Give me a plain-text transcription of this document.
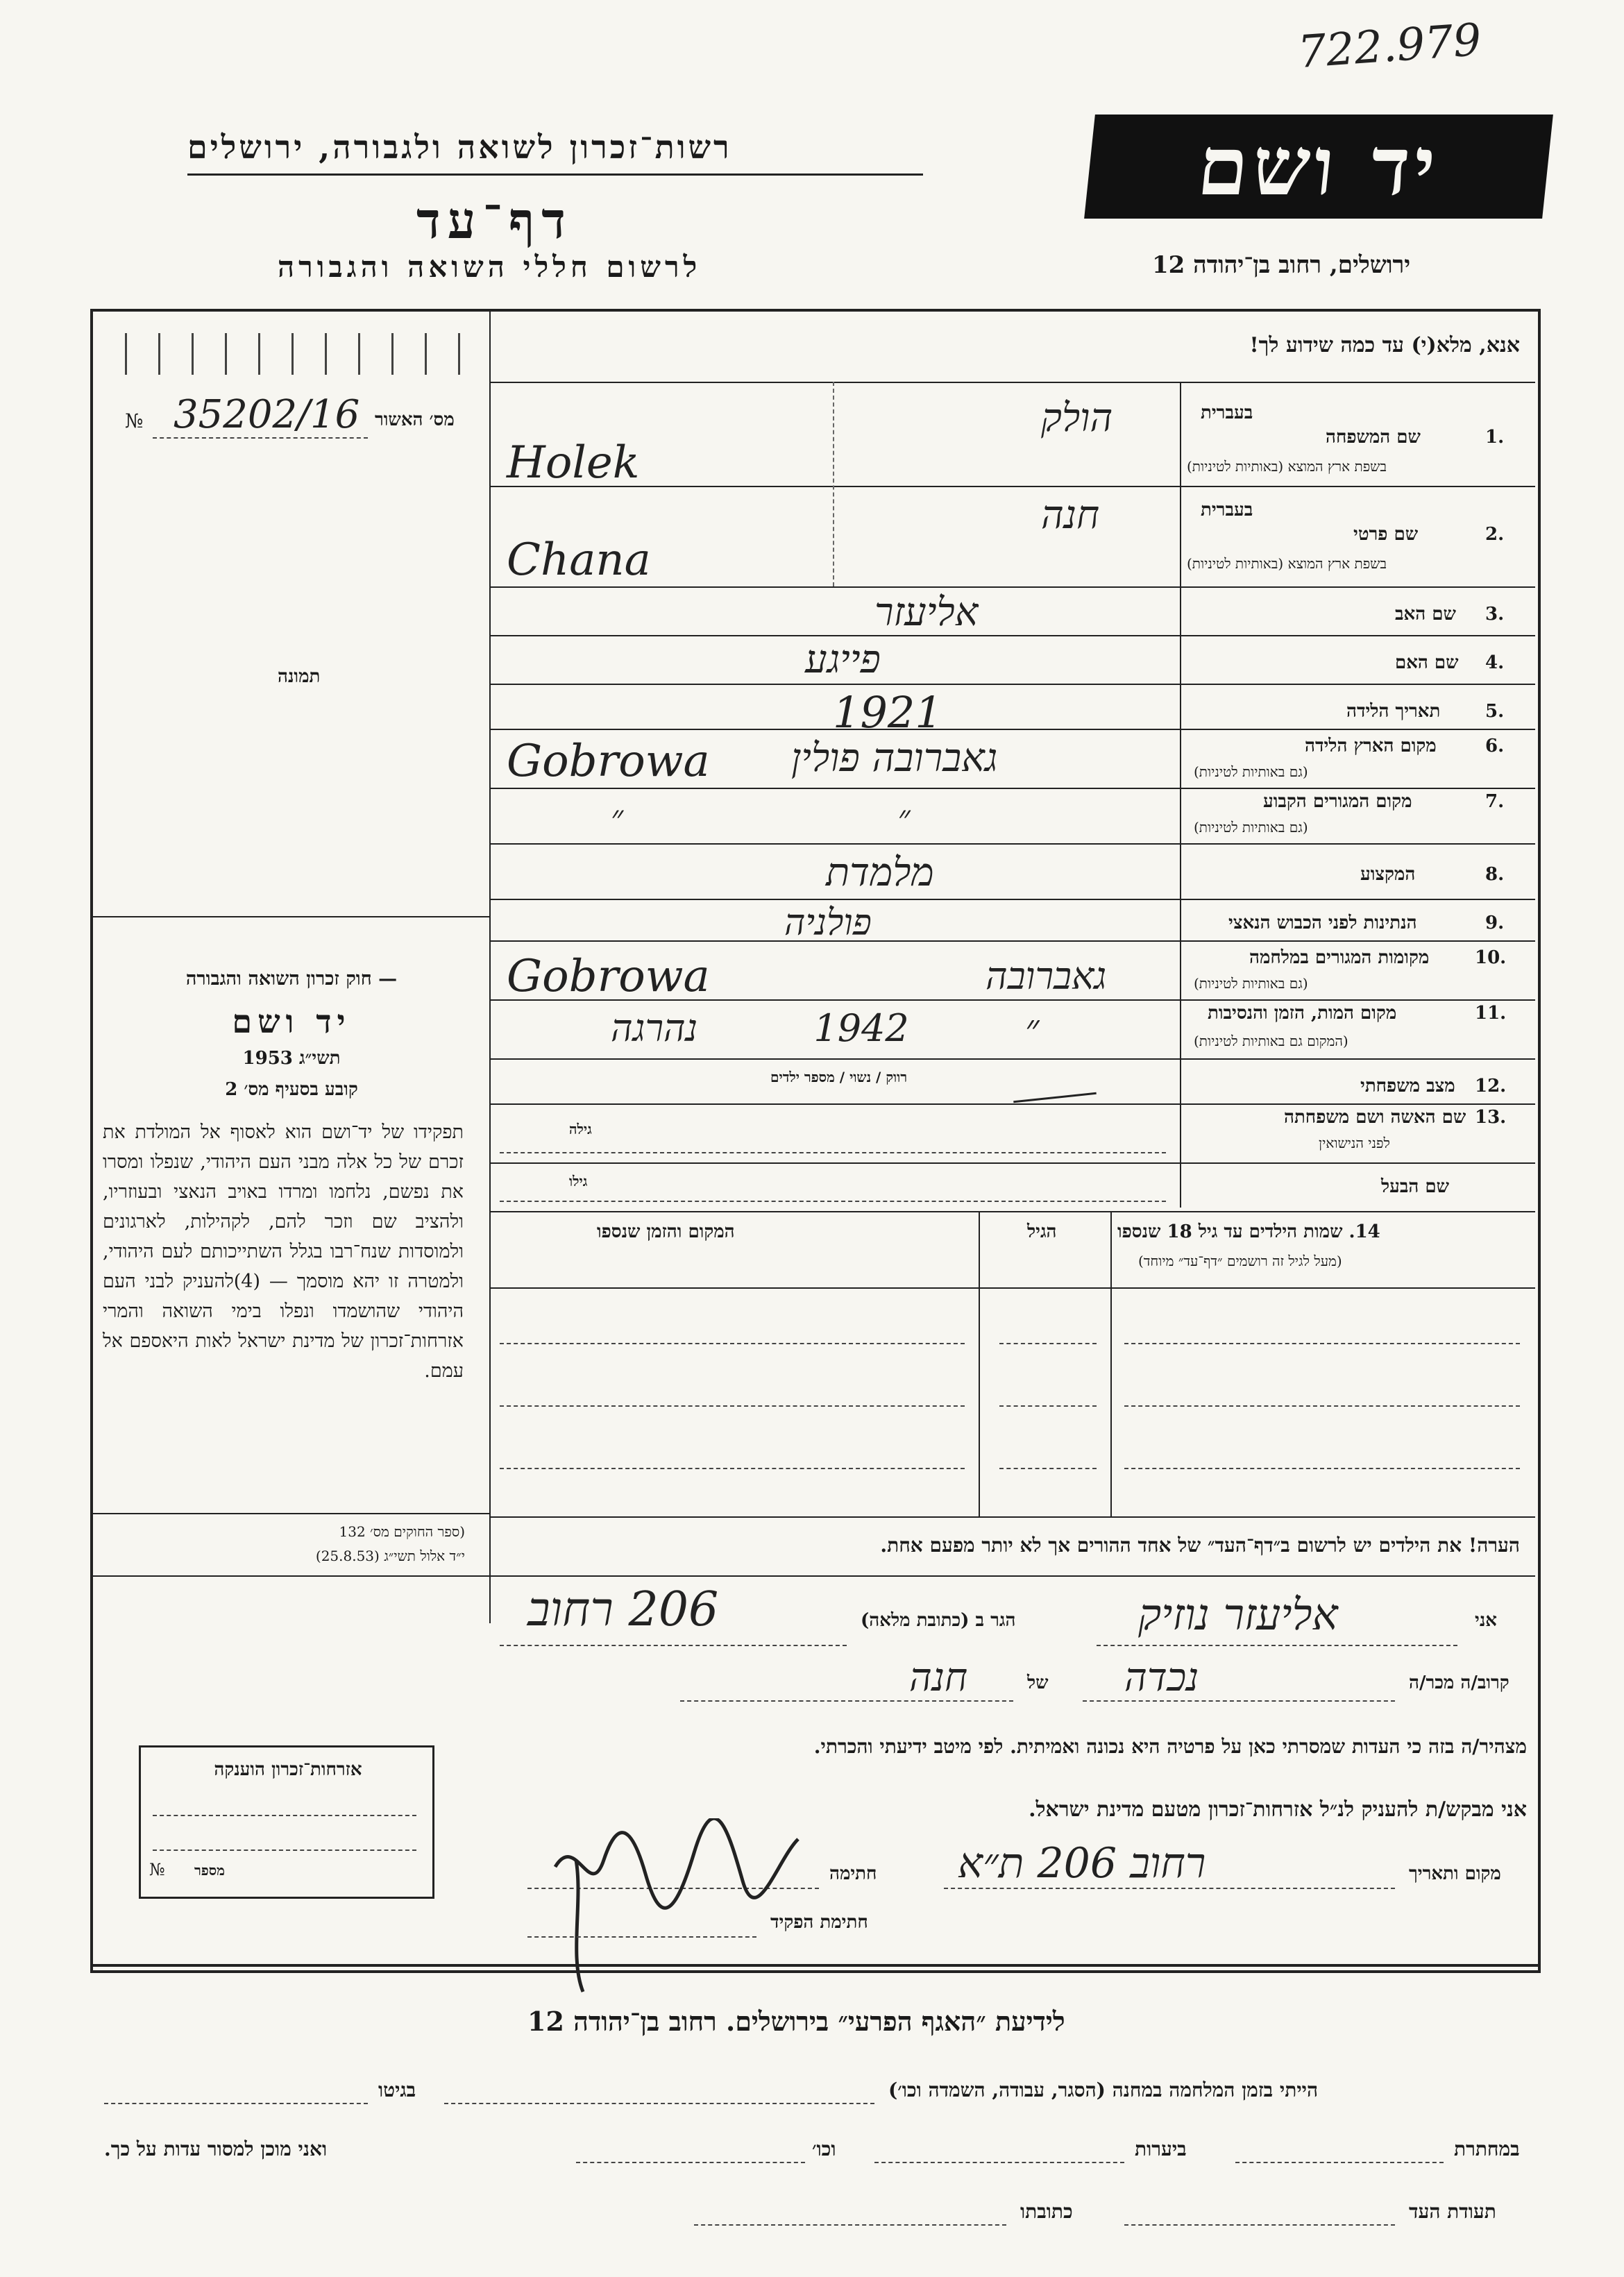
722.979
רשות־זכרון לשואה ולגבורה, ירושלים
דף־עד
לרשום חללי השואה והגבורה
יד ושם
ירושלים, רחוב בן־יהודה 12
№ 35202/16 מס׳ האשור
תמונה
— חוק זכרון השואה והגבורה
יד ושם
תשי״ג 1953
קובע בסעיף מס׳ 2
תפקידו של יד־ושם הוא לאסוף אל המולדת את זכרם של כל אלה מבני העם היהודי, שנפלו ומסרו את נפשם, נלחמו ומרדו באויב הנאצי ובעוזריו, ולהציב שם וזכר להם, לקהילות, לארגונים ולמוסדות שנח־רבו בגלל השתייכותם לעם היהודי, ולמטרה זו יהא מוסמך — (4)להעניק לבני העם היהודי שהושמדו ונפלו בימי השואה והמרי אזרחות־זכרון של מדינת ישראל לאות היאספם אל עמם.
(ספר החוקים מס׳ 132
י״ד אלול תשי״ג (25.8.53)
אנא, מלא(י) עד כמה שידוע לך!
בעברית
1.
שם המשפחה
בשפת ארץ המוצא (באותיות לטיניות)
בעברית
2.
שם פרטי
בשפת ארץ המוצא (באותיות לטיניות)
3.
שם האב
4.
שם האם
5.
תאריך הלידה
6.
מקום הארץ הלידה
(גם באותיות לטיניות)
7.
מקום המגורים הקבוע
(גם באותיות לטיניות)
8.
המקצוע
9.
הנתינות לפני הכבוש הנאצי
10.
מקומות המגורים במלחמה
(גם באותיות לטיניות)
11.
מקום המות, הזמן והנסיבות
(המקום גם באותיות לטיניות)
12.
מצב משפחתי
13.
שם האשה ושם משפחתה
לפני הנישואין
שם הבעל
Holek
הולק
Chana
חנה
אליעזר
פייגע
1921
Gobrowa גאברובה פולין
״ ״
מלמדת
פולניה
Gobrowa	גאברובה
״ 1942 נהרגה
רווק / נשוי / מספר ילדים
גילה
גילו
14. שמות הילדים עד גיל 18 שנספו
(מעל לגיל זה רושמים ״דף־עד״ מיוחד)
הגיל
המקום והזמן שנספו
הערה! את הילדים יש לרשום ב״דף־העד״ של אחד ההורים אך לא יותר מפעם אחת.
אני
אליעזר נוזיק
הגר ב (כתובת מלאה)
206 רחוב
קרוב/ה מכר/ה
נכדה
של
חנה
מצהיר/ה בזה כי העדות שמסרתי כאן על פרטיה היא נכונה ואמיתית. לפי מיטב ידיעתי והכרתי.
אני מבקש/ת להעניק לנ״ל אזרחות־זכרון מטעם מדינת ישראל.
מקום ותאריך
רחוב 206 ת״א
חתימה
חתימת הפקיד
אזרחות־זכרון הוענקה
№ מספר
לידיעת ״האגף הפרעי״ בירושלים. רחוב בן־יהודה 12
הייתי בזמן המלחמה במחנה (הסגר, עבודה, השמדה וכו׳)
בגיטו
במחתרת
ביערות
וכו׳
ואני מוכן למסור עדות על כך.
תעודת העד
כתובתו
